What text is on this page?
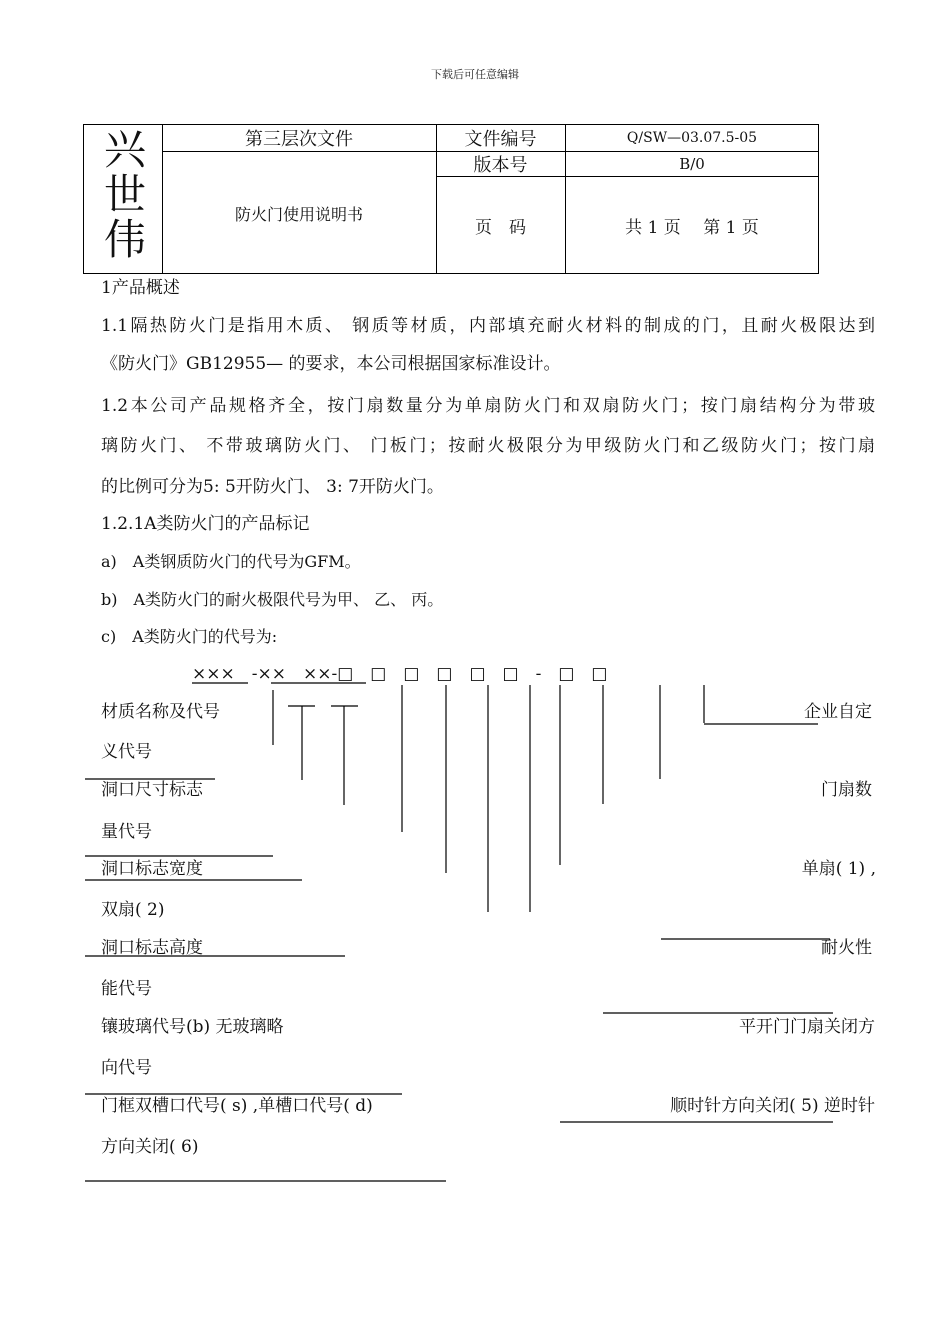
下载后可任意编辑
兴
世
伟
第三层次文件
防火门使用说明书
文件编号	Q/SW—03.07.5-05
版本号	B/0
页　码	共 1 页　 第 1 页
1产品概述
1.1隔热防火门是指用木质、 钢质等材质，内部填充耐火材料的制成的门，且耐火极限达到
《防火门》GB12955— 的要求，本公司根据国家标准设计。
1.2本公司产品规格齐全，按门扇数量分为单扇防火门和双扇防火门；按门扇结构分为带玻
璃防火门、 不带玻璃防火门、 门板门；按耐火极限分为甲级防火门和乙级防火门；按门扇
的比例可分为5: 5开防火门、 3: 7开防火门。
1.2.1A类防火门的产品标记
a)　A类钢质防火门的代号为GFM。
b)　A类防火门的耐火极限代号为甲、 乙、 丙。
c)　A类防火门的代号为:
×××　-××　××-□　□　□　□　□　□　-　□　□
材质名称及代号
义代号
洞口尺寸标志
量代号
洞口标志宽度
双扇( 2)
洞口标志高度
能代号
镶玻璃代号(b) 无玻璃略
向代号
门框双槽口代号( s) ,单槽口代号( d)
方向关闭( 6)
企业自定
门扇数
单扇( 1) ,
耐火性
平开门门扇关闭方
顺时针方向关闭( 5) 逆时针
